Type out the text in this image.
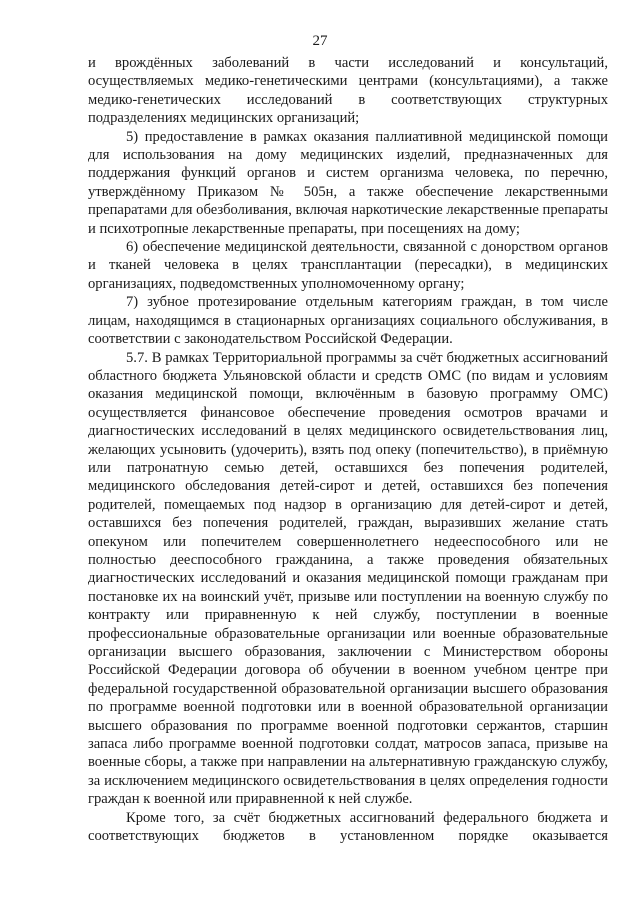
27

и врождённых заболеваний в части исследований и консультаций, осуществляемых медико-генетическими центрами (консультациями), а также медико-генетических исследований в соответствующих структурных подразделениях медицинских организаций;

5) предоставление в рамках оказания паллиативной медицинской помощи для использования на дому медицинских изделий, предназначенных для поддержания функций органов и систем организма человека, по перечню, утверждённому Приказом № 505н, а также обеспечение лекарственными препаратами для обезболивания, включая наркотические лекарственные препараты и психотропные лекарственные препараты, при посещениях на дому;

6) обеспечение медицинской деятельности, связанной с донорством органов и тканей человека в целях трансплантации (пересадки), в медицинских организациях, подведомственных уполномоченному органу;

7) зубное протезирование отдельным категориям граждан, в том числе лицам, находящимся в стационарных организациях социального обслуживания, в соответствии с законодательством Российской Федерации.

5.7. В рамках Территориальной программы за счёт бюджетных ассигнований областного бюджета Ульяновской области и средств ОМС (по видам и условиям оказания медицинской помощи, включённым в базовую программу ОМС) осуществляется финансовое обеспечение проведения осмотров врачами и диагностических исследований в целях медицинского освидетельствования лиц, желающих усыновить (удочерить), взять под опеку (попечительство), в приёмную или патронатную семью детей, оставшихся без попечения родителей, медицинского обследования детей-сирот и детей, оставшихся без попечения родителей, помещаемых под надзор в организацию для детей-сирот и детей, оставшихся без попечения родителей, граждан, выразивших желание стать опекуном или попечителем совершеннолетнего недееспособного или не полностью дееспособного гражданина, а также проведения обязательных диагностических исследований и оказания медицинской помощи гражданам при постановке их на воинский учёт, призыве или поступлении на военную службу по контракту или приравненную к ней службу, поступлении в военные профессиональные образовательные организации или военные образовательные организации высшего образования, заключении с Министерством обороны Российской Федерации договора об обучении в военном учебном центре при федеральной государственной образовательной организации высшего образования по программе военной подготовки или в военной образовательной организации высшего образования по программе военной подготовки сержантов, старшин запаса либо программе военной подготовки солдат, матросов запаса, призыве на военные сборы, а также при направлении на альтернативную гражданскую службу, за исключением медицинского освидетельствования в целях определения годности граждан к военной или приравненной к ней службе.

Кроме того, за счёт бюджетных ассигнований федерального бюджета и соответствующих бюджетов в установленном порядке оказывается
